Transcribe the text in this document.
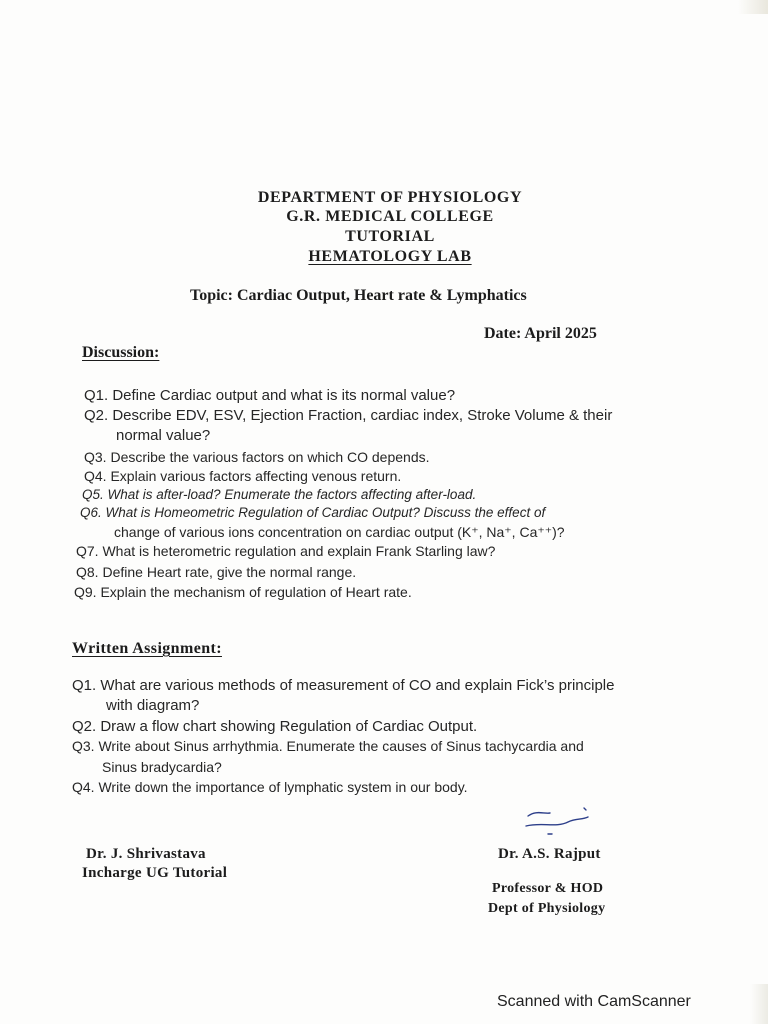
DEPARTMENT OF PHYSIOLOGY
G.R. MEDICAL COLLEGE
TUTORIAL
HEMATOLOGY LAB
Topic: Cardiac Output, Heart rate & Lymphatics
Date: April 2025
Discussion:
Q1. Define Cardiac output and what is its normal value?
Q2. Describe EDV, ESV, Ejection Fraction, cardiac index, Stroke Volume & their
normal value?
Q3. Describe the various factors on which CO depends.
Q4. Explain various factors affecting venous return.
Q5. What is after-load? Enumerate the factors affecting after-load.
Q6. What is Homeometric Regulation of Cardiac Output? Discuss the effect of
change of various ions concentration on cardiac output (K⁺, Na⁺, Ca⁺⁺)?
Q7. What is heterometric regulation and explain Frank Starling law?
Q8. Define Heart rate, give the normal range.
Q9. Explain the mechanism of regulation of Heart rate.
Written Assignment:
Q1. What are various methods of measurement of CO and explain Fick’s principle
with diagram?
Q2. Draw a flow chart showing Regulation of Cardiac Output.
Q3. Write about Sinus arrhythmia. Enumerate the causes of Sinus tachycardia and
Sinus bradycardia?
Q4. Write down the importance of lymphatic system in our body.
Dr. J. Shrivastava
Incharge UG Tutorial
Dr. A.S. Rajput
Professor & HOD
Dept of Physiology
Scanned with CamScanner
